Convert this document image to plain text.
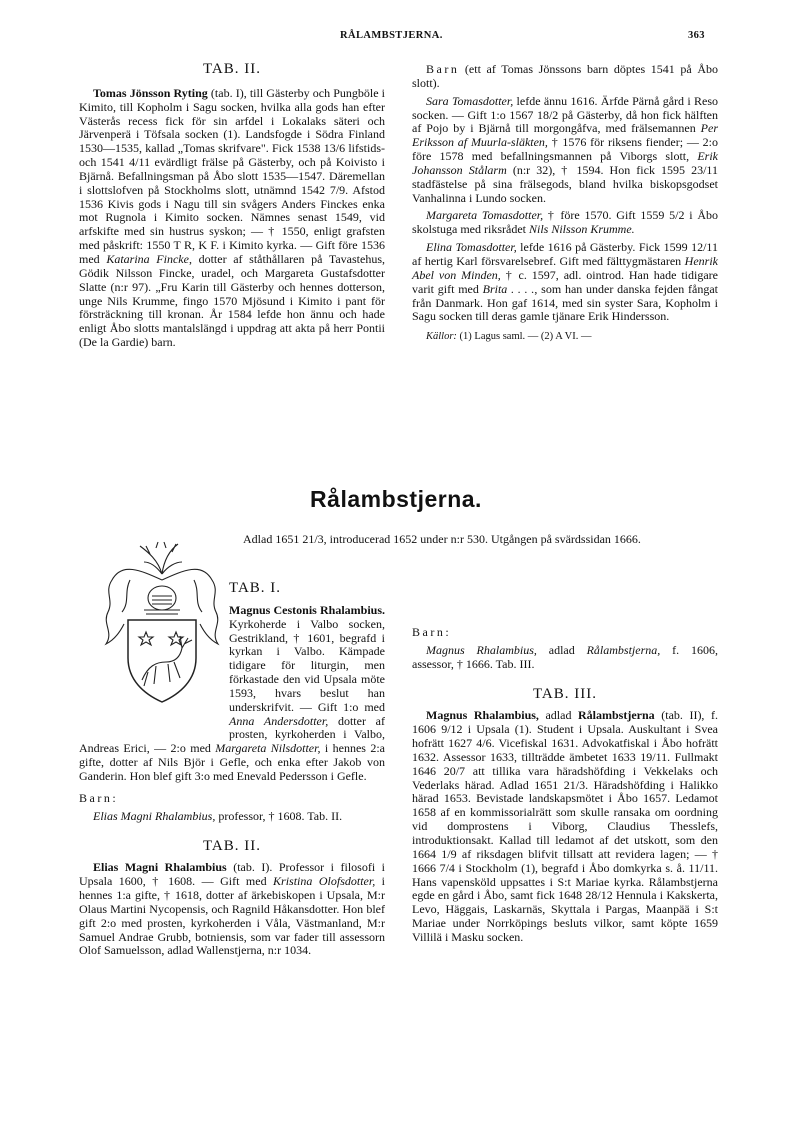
RÅLAMBSTJERNA.	363

TAB. II.

Tomas Jönsson Ryting (tab. I), till Gästerby och Pungböle i Kimito, till Kopholm i Sagu socken, hvilka alla gods han efter Västerås recess fick för sin arfdel i Lokalaks säteri och Järvenperä i Töfsala socken (1). Landsfogde i Södra Finland 1530—1535, kallad „Tomas skrifvare". Fick 1538 13/6 lifstids- och 1541 4/11 evärdligt frälse på Gästerby, och på Koivisto i Bjärnå. Befallningsman på Åbo slott 1535—1547. Däremellan i slottslofven på Stockholms slott, utnämnd 1542 7/9. Afstod 1536 Kivis gods i Nagu till sin svågers Anders Finckes enka mot Rugnola i Kimito socken. Nämnes senast 1549, vid arfskifte med sin hustrus syskon; — † 1550, enligt grafsten med påskrift: 1550 T R, K F. i Kimito kyrka. — Gift före 1536 med Katarina Fincke, dotter af ståthållaren på Tavastehus, Gödik Nilsson Fincke, uradel, och Margareta Gustafsdotter Slatte (n:r 97). „Fru Karin till Gästerby och hennes dotterson, unge Nils Krumme, fingo 1570 Mjösund i Kimito i pant för försträckning till kronan. År 1584 lefde hon ännu och hade enligt Åbo slotts mantalslängd i uppdrag att akta på herr Pontii (De la Gardie) barn.

Barn (ett af Tomas Jönssons barn döptes 1541 på Åbo slott).

Sara Tomasdotter, lefde ännu 1616. Ärfde Pärnå gård i Reso socken. — Gift 1:o 1567 18/2 på Gästerby, då hon fick hälften af Pojo by i Bjärnå till morgongåfva, med frälsemannen Per Eriksson af Muurla-släkten, † 1576 för riksens fiender; — 2:o före 1578 med befallningsmannen på Viborgs slott, Erik Johansson Stålarm (n:r 32), † 1594. Hon fick 1595 23/11 stadfästelse på sina frälsegods, bland hvilka biskopsgodset Vanhalinna i Lundo socken.

Margareta Tomasdotter, † före 1570. Gift 1559 5/2 i Åbo skolstuga med riksrådet Nils Nilsson Krumme.

Elina Tomasdotter, lefde 1616 på Gästerby. Fick 1599 12/11 af hertig Karl försvarelsebref. Gift med fälttygmästaren Henrik Abel von Minden, † c. 1597, adl. ointrod. Han hade tidigare varit gift med Brita . . . ., som han under danska fejden fångat från Danmark. Hon gaf 1614, med sin syster Sara, Kopholm i Sagu socken till deras gamle tjänare Erik Hindersson.

Källor: (1) Lagus saml. — (2) A VI. —

Rålambstjerna.

Adlad 1651 21/3, introducerad 1652 under n:r 530. Utgången på svärdssidan 1666.

TAB. I.

Magnus Cestonis Rhalambius. Kyrkoherde i Valbo socken, Gestrikland, † 1601, begrafd i kyrkan i Valbo. Kämpade tidigare för liturgin, men förkastade den vid Upsala möte 1593, hvars beslut han underskrifvit. — Gift 1:o med Anna Andersdotter, dotter af prosten, kyrkoherden i Valbo, Andreas Erici, — 2:o med Margareta Nilsdotter, i hennes 2:a gifte, dotter af Nils Björ i Gefle, och enka efter Jakob von Ganderin. Hon blef gift 3:o med Enevald Pedersson i Gefle.

Barn:

Elias Magni Rhalambius, professor, † 1608. Tab. II.

TAB. II.

Elias Magni Rhalambius (tab. I). Professor i filosofi i Upsala 1600, † 1608. — Gift med Kristina Olofsdotter, i hennes 1:a gifte, † 1618, dotter af ärkebiskopen i Upsala, M:r Olaus Martini Nycopensis, och Ragnild Håkansdotter. Hon blef gift 2:o med prosten, kyrkoherden i Våla, Västmanland, M:r Samuel Andrae Grubb, botniensis, som var fader till assessorn Olof Samuelsson, adlad Wallenstjerna, n:r 1034.

Barn:

Magnus Rhalambius, adlad Rålambstjerna, f. 1606, assessor, † 1666. Tab. III.

TAB. III.

Magnus Rhalambius, adlad Rålambstjerna (tab. II), f. 1606 9/12 i Upsala (1). Student i Upsala. Auskultant i Svea hofrätt 1627 4/6. Vicefiskal 1631. Advokatfiskal i Åbo hofrätt 1632. Assessor 1633, tillträdde ämbetet 1633 19/11. Fullmakt 1646 20/7 att tillika vara häradshöfding i Vekkelaks och Vederlaks härad. Adlad 1651 21/3. Häradshöfding i Halikko härad 1653. Bevistade landskapsmötet i Åbo 1657. Ledamot 1658 af en kommissorialrätt som skulle ransaka om oordning vid domprostens i Viborg, Claudius Thesslefs, introduktionsakt. Kallad till ledamot af det utskott, som den 1664 1/9 af riksdagen blifvit tillsatt att revidera lagen; — † 1666 7/4 i Stockholm (1), begrafd i Åbo domkyrka s. å. 11/11. Hans vapensköld uppsattes i S:t Mariae kyrka. Rålambstjerna egde en gård i Åbo, samt fick 1648 28/12 Hennula i Kakskerta, Levo, Häggais, Laskarnäs, Skyttala i Pargas, Maanpää i S:t Mariae under Norrköpings besluts vilkor, samt köpte 1659 Villilä i Masku socken.
